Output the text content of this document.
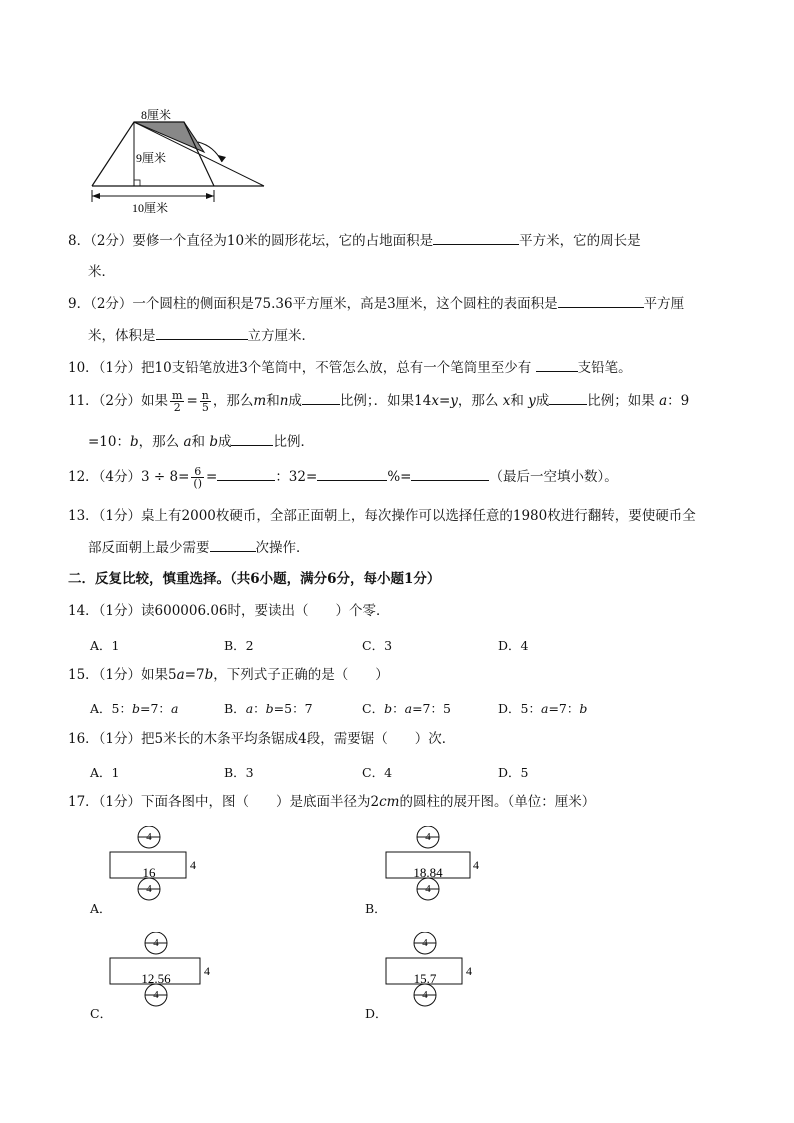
8厘米
9厘米
10厘米
8．（2分）要修一个直径为10米的圆形花坛，它的占地面积是	平方米，它的周长是
米．
9．（2分）一个圆柱的侧面积是75.36平方厘米，高是3厘米，这个圆柱的表面积是	平方厘
米，体积是	立方厘米．
10．（1分）把10支铅笔放进3个笔筒中，不管怎么放，总有一个笔筒里至少有	支铅笔。
11．（2分）如果 $\frac{m}{2} = \frac{n}{5}$ ，那么m和n成	比例；．如果14x=y，那么 x和 y成	比例；如果 a：9
=10：b，那么 a和 b成	比例．
12．（4分）$3 \div 8= \frac{6}{()}$ =	：32=	%=	（最后一空填小数）。
13．（1分）桌上有2000枚硬币，全部正面朝上，每次操作可以选择任意的1980枚进行翻转，要使硬币全
部反面朝上最少需要	次操作．
二．反复比较，慎重选择。（共6小题，满分6分，每小题1分）
14．（1分）读600006.06时，要读出（　　）个零．
A．1	B．2	C．3	D．4
15．（1分）如果5a=7b，下列式子正确的是（　　）
A．5：b=7：a	B．a：b=5：7	C．b：a=7：5	D．5：a=7：b
16．（1分）把5米长的木条平均条锯成4段，需要锯（　　）次．
A．1	B．3	C．4	D．5
17．（1分）下面各图中，图（　　）是底面半径为2cm的圆柱的展开图。（单位：厘米）
4
16
4
4
A．
4
18.84
4
4
B．
4
12.56
4
4
C．
4
15.7
4
4
D．
